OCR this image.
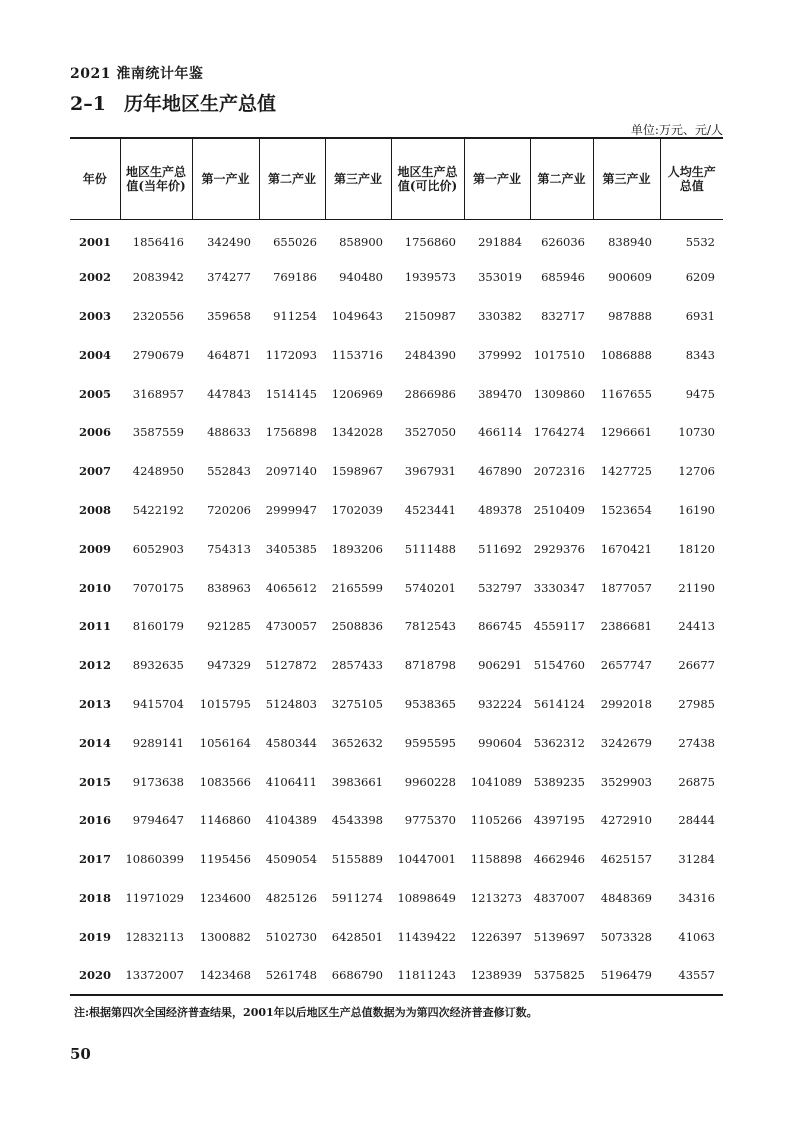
2021 淮南统计年鉴
2–1 历年地区生产总值
单位:万元、元/人
年份	地区生产总值(当年价)	第一产业	第二产业	第三产业	地区生产总值(可比价)	第一产业	第二产业	第三产业	人均生产总值
2001	1856416	342490	655026	858900	1756860	291884	626036	838940	5532
2002	2083942	374277	769186	940480	1939573	353019	685946	900609	6209
2003	2320556	359658	911254	1049643	2150987	330382	832717	987888	6931
2004	2790679	464871	1172093	1153716	2484390	379992	1017510	1086888	8343
2005	3168957	447843	1514145	1206969	2866986	389470	1309860	1167655	9475
2006	3587559	488633	1756898	1342028	3527050	466114	1764274	1296661	10730
2007	4248950	552843	2097140	1598967	3967931	467890	2072316	1427725	12706
2008	5422192	720206	2999947	1702039	4523441	489378	2510409	1523654	16190
2009	6052903	754313	3405385	1893206	5111488	511692	2929376	1670421	18120
2010	7070175	838963	4065612	2165599	5740201	532797	3330347	1877057	21190
2011	8160179	921285	4730057	2508836	7812543	866745	4559117	2386681	24413
2012	8932635	947329	5127872	2857433	8718798	906291	5154760	2657747	26677
2013	9415704	1015795	5124803	3275105	9538365	932224	5614124	2992018	27985
2014	9289141	1056164	4580344	3652632	9595595	990604	5362312	3242679	27438
2015	9173638	1083566	4106411	3983661	9960228	1041089	5389235	3529903	26875
2016	9794647	1146860	4104389	4543398	9775370	1105266	4397195	4272910	28444
2017	10860399	1195456	4509054	5155889	10447001	1158898	4662946	4625157	31284
2018	11971029	1234600	4825126	5911274	10898649	1213273	4837007	4848369	34316
2019	12832113	1300882	5102730	6428501	11439422	1226397	5139697	5073328	41063
2020	13372007	1423468	5261748	6686790	11811243	1238939	5375825	5196479	43557
注:根据第四次全国经济普查结果，2001年以后地区生产总值数据为为第四次经济普查修订数。
50
